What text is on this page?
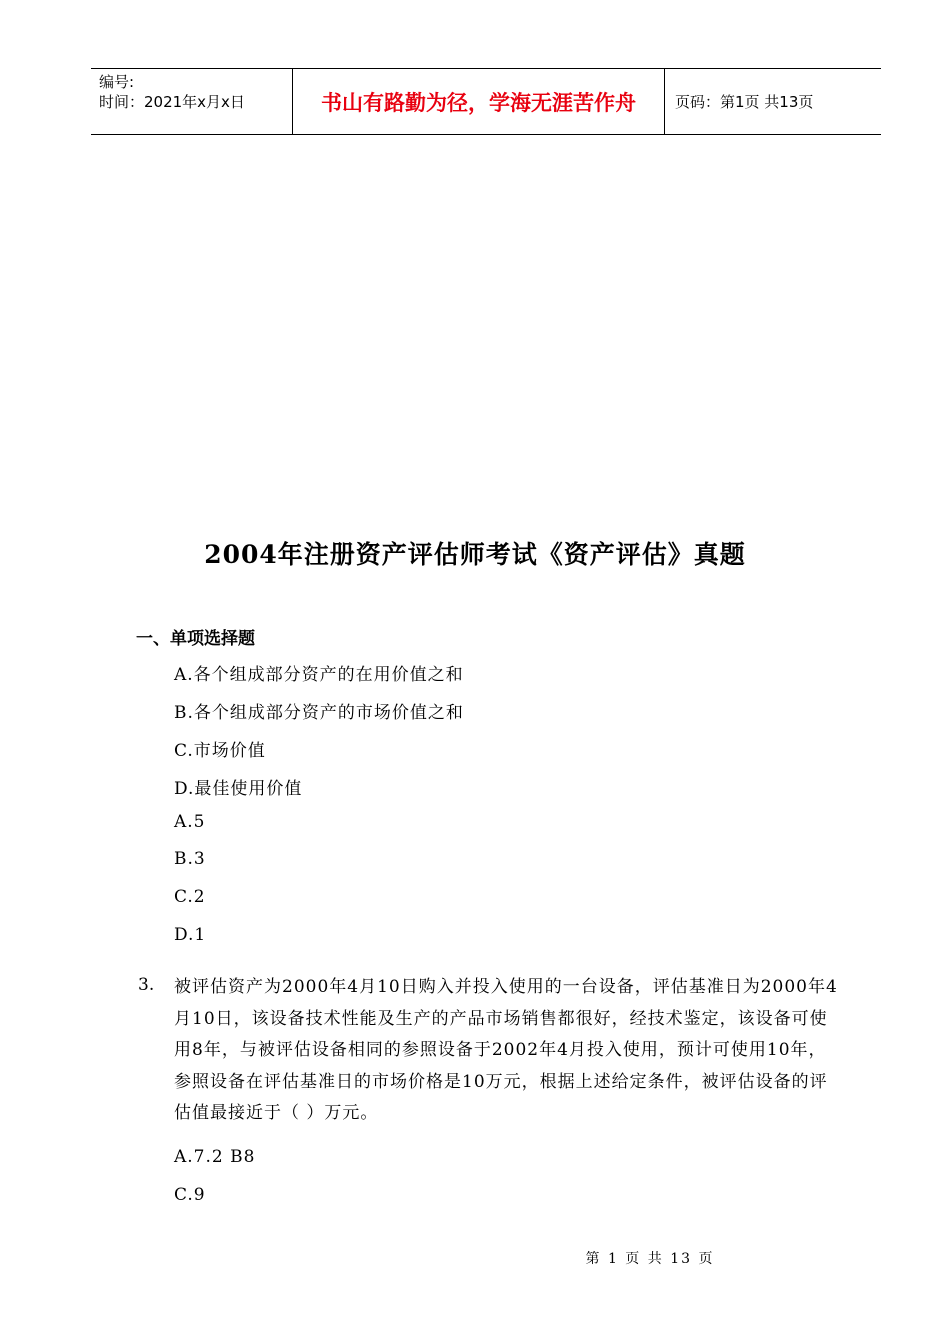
编号:
时间：2021年x月x日	书山有路勤为径，学海无涯苦作舟	页码：第1页 共13页
2004年注册资产评估师考试《资产评估》真题
一、单项选择题
A.各个组成部分资产的在用价值之和
B.各个组成部分资产的市场价值之和
C.市场价值
D.最佳使用价值
A.5
B.3
C.2
D.1
3. 被评估资产为2000年4月10日购入并投入使用的一台设备，评估基准日为2000年4月10日，该设备技术性能及生产的产品市场销售都很好，经技术鉴定，该设备可使用8年，与被评估设备相同的参照设备于2002年4月投入使用，预计可使用10年，参照设备在评估基准日的市场价格是10万元，根据上述给定条件，被评估设备的评估值最接近于（ ）万元。
A.7.2 B8
C.9
第 1 页 共 13 页
